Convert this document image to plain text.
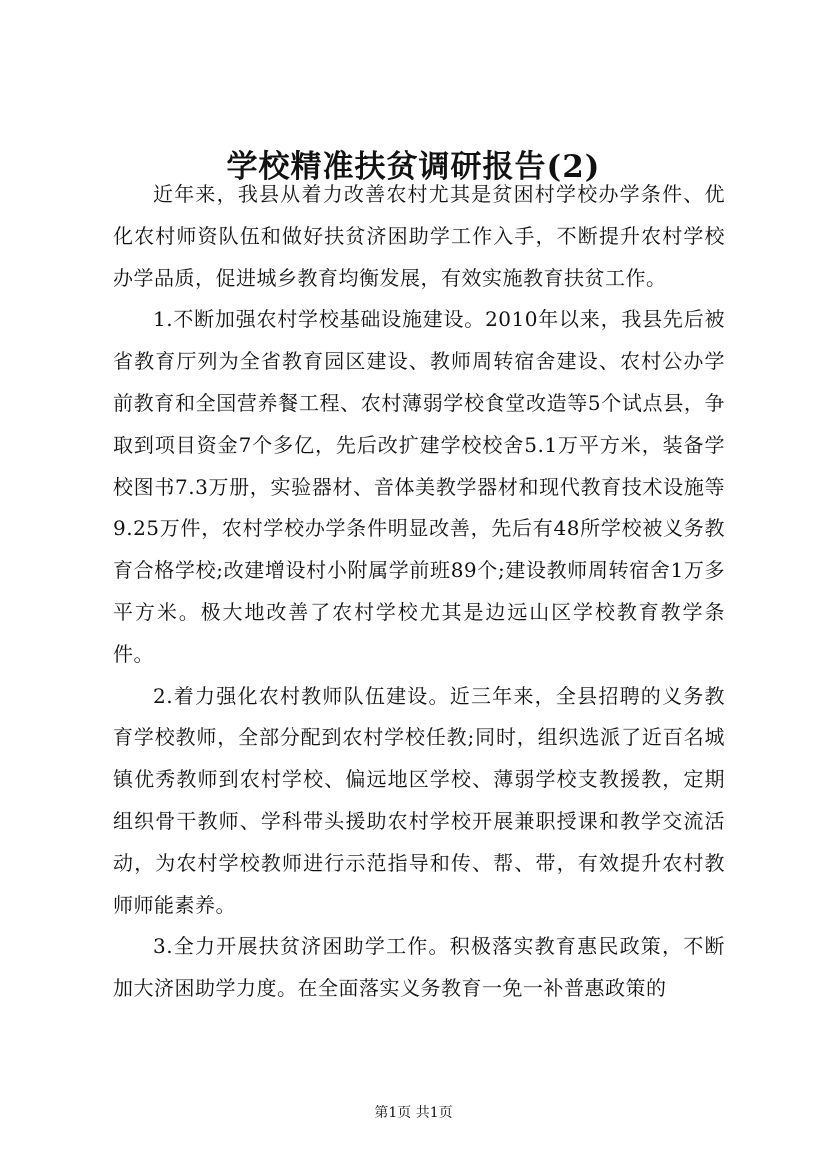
学校精准扶贫调研报告(2)

近年来，我县从着力改善农村尤其是贫困村学校办学条件、优化农村师资队伍和做好扶贫济困助学工作入手，不断提升农村学校办学品质，促进城乡教育均衡发展，有效实施教育扶贫工作。

1.不断加强农村学校基础设施建设。2010年以来，我县先后被省教育厅列为全省教育园区建设、教师周转宿舍建设、农村公办学前教育和全国营养餐工程、农村薄弱学校食堂改造等5个试点县，争取到项目资金7个多亿，先后改扩建学校校舍5.1万平方米，装备学校图书7.3万册，实验器材、音体美教学器材和现代教育技术设施等9.25万件，农村学校办学条件明显改善，先后有48所学校被义务教育合格学校;改建增设村小附属学前班89个;建设教师周转宿舍1万多平方米。极大地改善了农村学校尤其是边远山区学校教育教学条件。

2.着力强化农村教师队伍建设。近三年来，全县招聘的义务教育学校教师，全部分配到农村学校任教;同时，组织选派了近百名城镇优秀教师到农村学校、偏远地区学校、薄弱学校支教援教，定期组织骨干教师、学科带头援助农村学校开展兼职授课和教学交流活动，为农村学校教师进行示范指导和传、帮、带，有效提升农村教师师能素养。

3.全力开展扶贫济困助学工作。积极落实教育惠民政策，不断加大济困助学力度。在全面落实义务教育一免一补普惠政策的

第1页 共1页
